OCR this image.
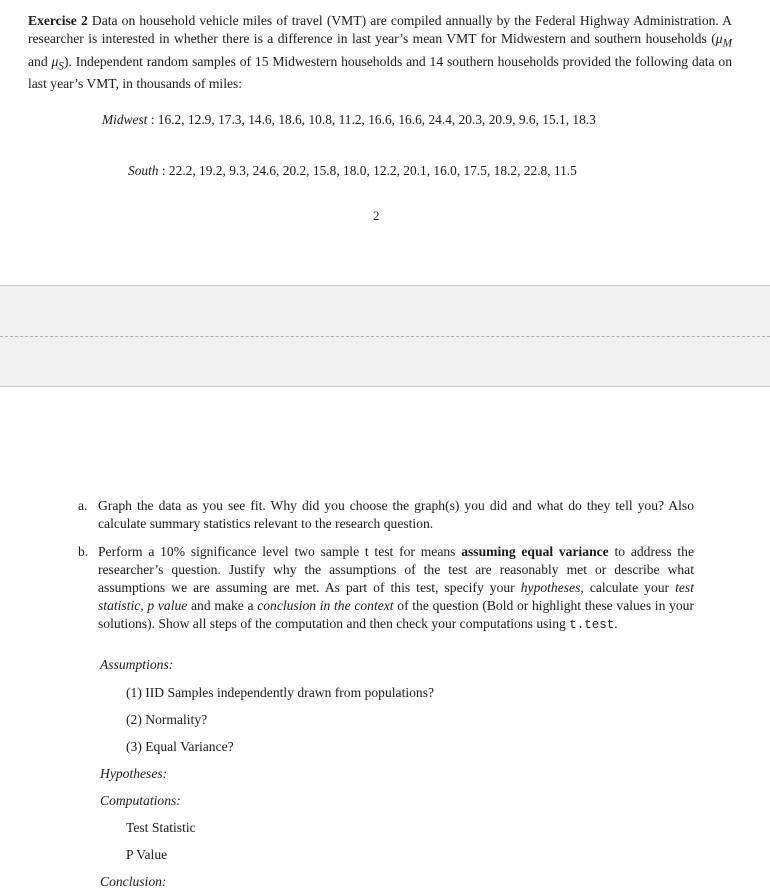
Exercise 2 Data on household vehicle miles of travel (VMT) are compiled annually by the Federal Highway Administration. A researcher is interested in whether there is a difference in last year’s mean VMT for Midwestern and southern households ($\mu_M$ and $\mu_S$). Independent random samples of 15 Midwestern households and 14 southern households provided the following data on last year’s VMT, in thousands of miles:
Midwest : 16.2, 12.9, 17.3, 14.6, 18.6, 10.8, 11.2, 16.6, 16.6, 24.4, 20.3, 20.9, 9.6, 15.1, 18.3
South : 22.2, 19.2, 9.3, 24.6, 20.2, 15.8, 18.0, 12.2, 20.1, 16.0, 17.5, 18.2, 22.8, 11.5
2
a. Graph the data as you see fit. Why did you choose the graph(s) you did and what do they tell you? Also calculate summary statistics relevant to the research question.
b. Perform a 10% significance level two sample t test for means assuming equal variance to address the researcher’s question. Justify why the assumptions of the test are reasonably met or describe what assumptions we are assuming are met. As part of this test, specify your hypotheses, calculate your test statistic, p value and make a conclusion in the context of the question (Bold or highlight these values in your solutions). Show all steps of the computation and then check your computations using t.test.
Assumptions:
(1) IID Samples independently drawn from populations?
(2) Normality?
(3) Equal Variance?
Hypotheses:
Computations:
Test Statistic
P Value
Conclusion:
